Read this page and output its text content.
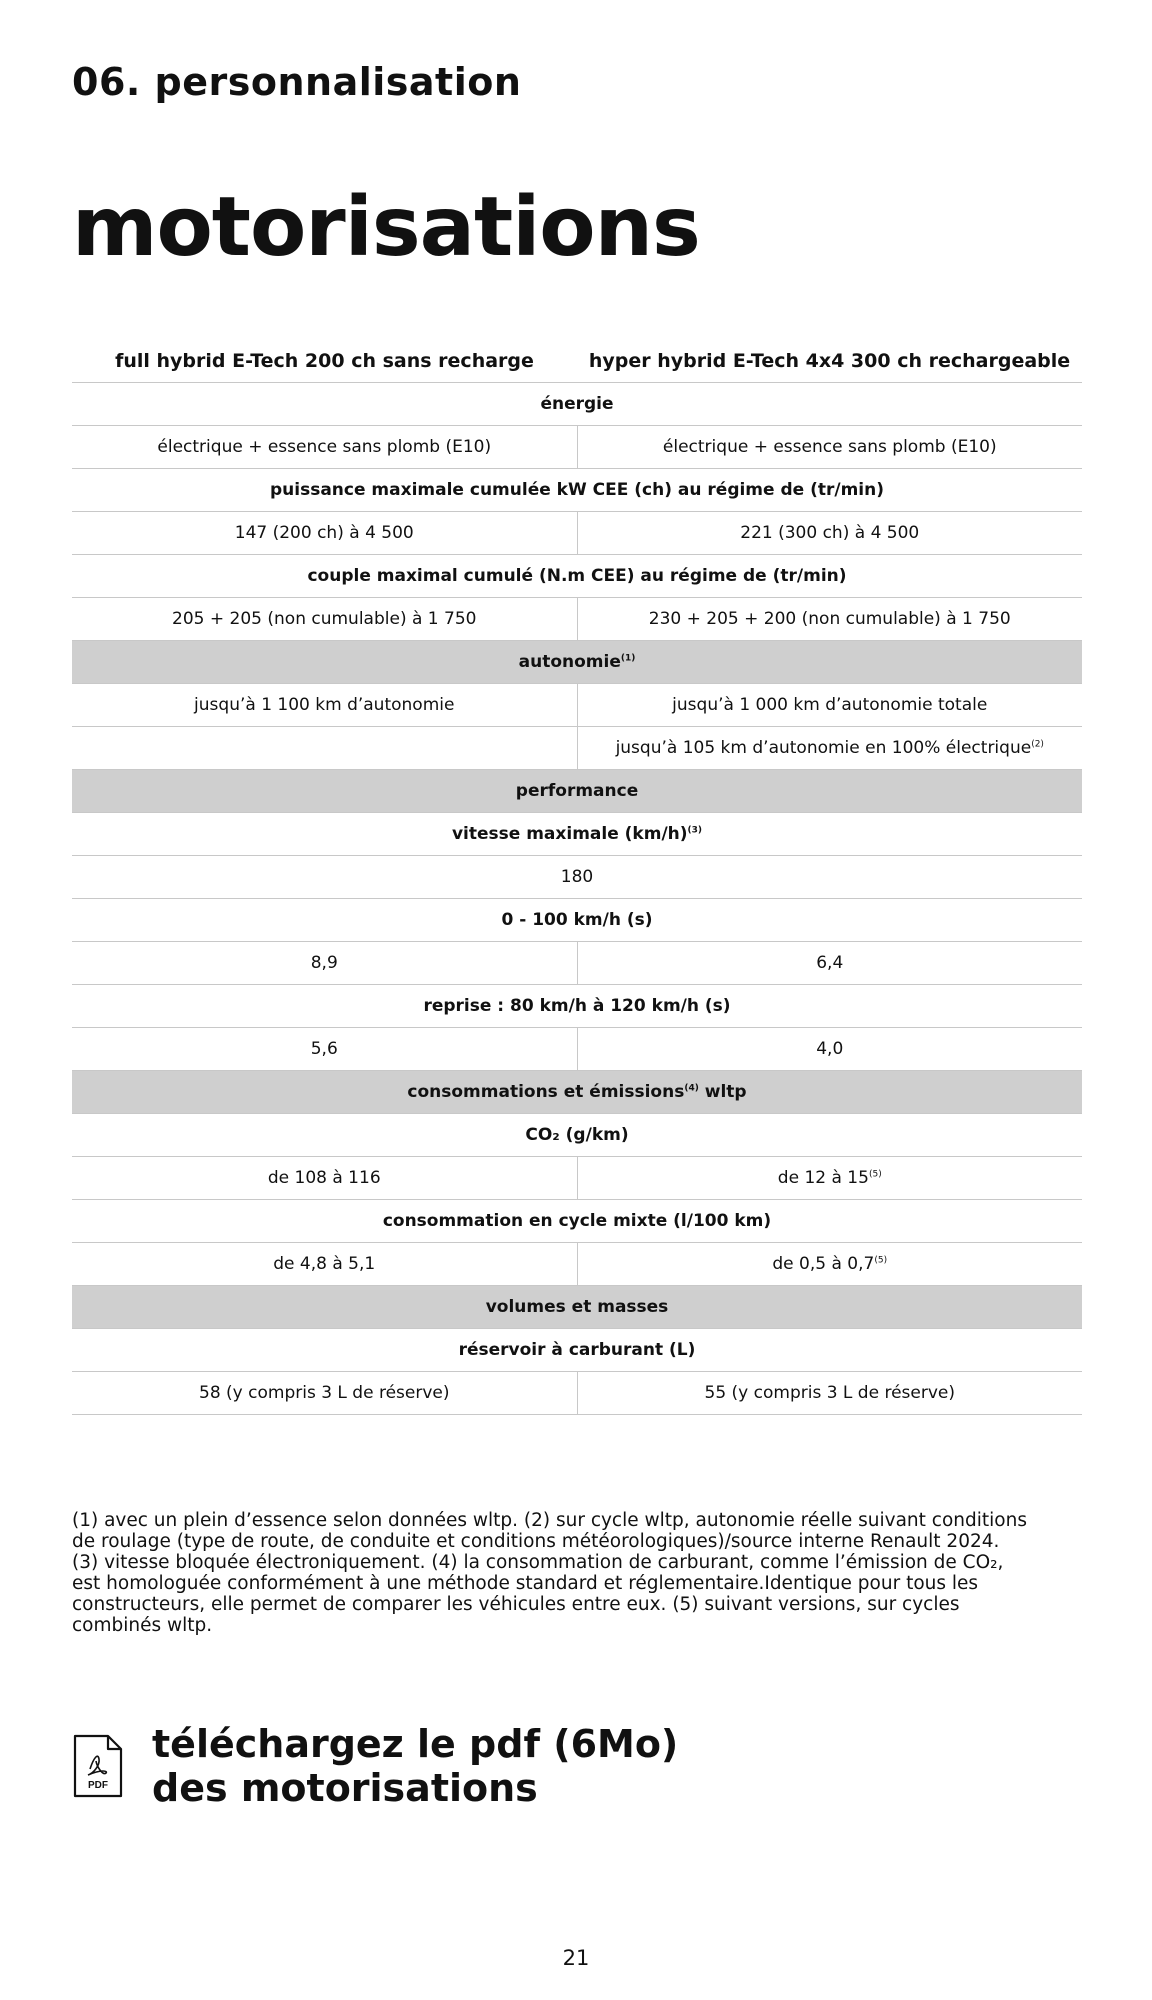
06. personnalisation
motorisations
full hybrid E-Tech 200 ch sans recharge	hyper hybrid E-Tech 4x4 300 ch rechargeable
énergie	
électrique + essence sans plomb (E10)	électrique + essence sans plomb (E10)
puissance maximale cumulée kW CEE (ch) au régime de (tr/min)	
147 (200 ch) à 4 500	221 (300 ch) à 4 500
couple maximal cumulé (N.m CEE) au régime de (tr/min)	
205 + 205 (non cumulable) à 1 750	230 + 205 + 200 (non cumulable) à 1 750
autonomie$^{(1)}$
jusqu’à 1 100 km d’autonomie	jusqu’à 1 000 km d’autonomie totale
	jusqu’à 105 km d’autonomie en 100% électrique$^{(2)}$
performance	
vitesse maximale $(km/h)^{(3)}$
180	
0 - 100 km/h (s)	
8,9	6,4
reprise : 80 km/h à 120 km/h (s)	
5,6	4,0
consommations et émissions$^{(4)}$ wltp	
CO₂ (g/km)	
de 108 à 116	de 12 à 15$^{(5)}$
consommation en cycle mixte (l/100 km)	
de 4,8 à 5,1	de 0,5 à 0,7$^{(5)}$
volumes et masses	
réservoir à carburant (L)	
58 (y compris 3 L de réserve)	55 (y compris 3 L de réserve)

(1) avec un plein d’essence selon données wltp. (2) sur cycle wltp, autonomie réelle suivant conditions

de roulage (type de route, de conduite et conditions météorologiques)/source interne Renault 2024.

(3) vitesse bloquée électroniquement. (4) la consommation de carburant, comme l’émission de CO₂,

est homologuée conformément à une méthode standard et réglementaire.Identique pour tous les

constructeurs, elle permet de comparer les véhicules entre eux. (5) suivant versions, sur cycles

combinés wltp.

PDF
téléchargez le pdf (6Mo)
des motorisations
21
